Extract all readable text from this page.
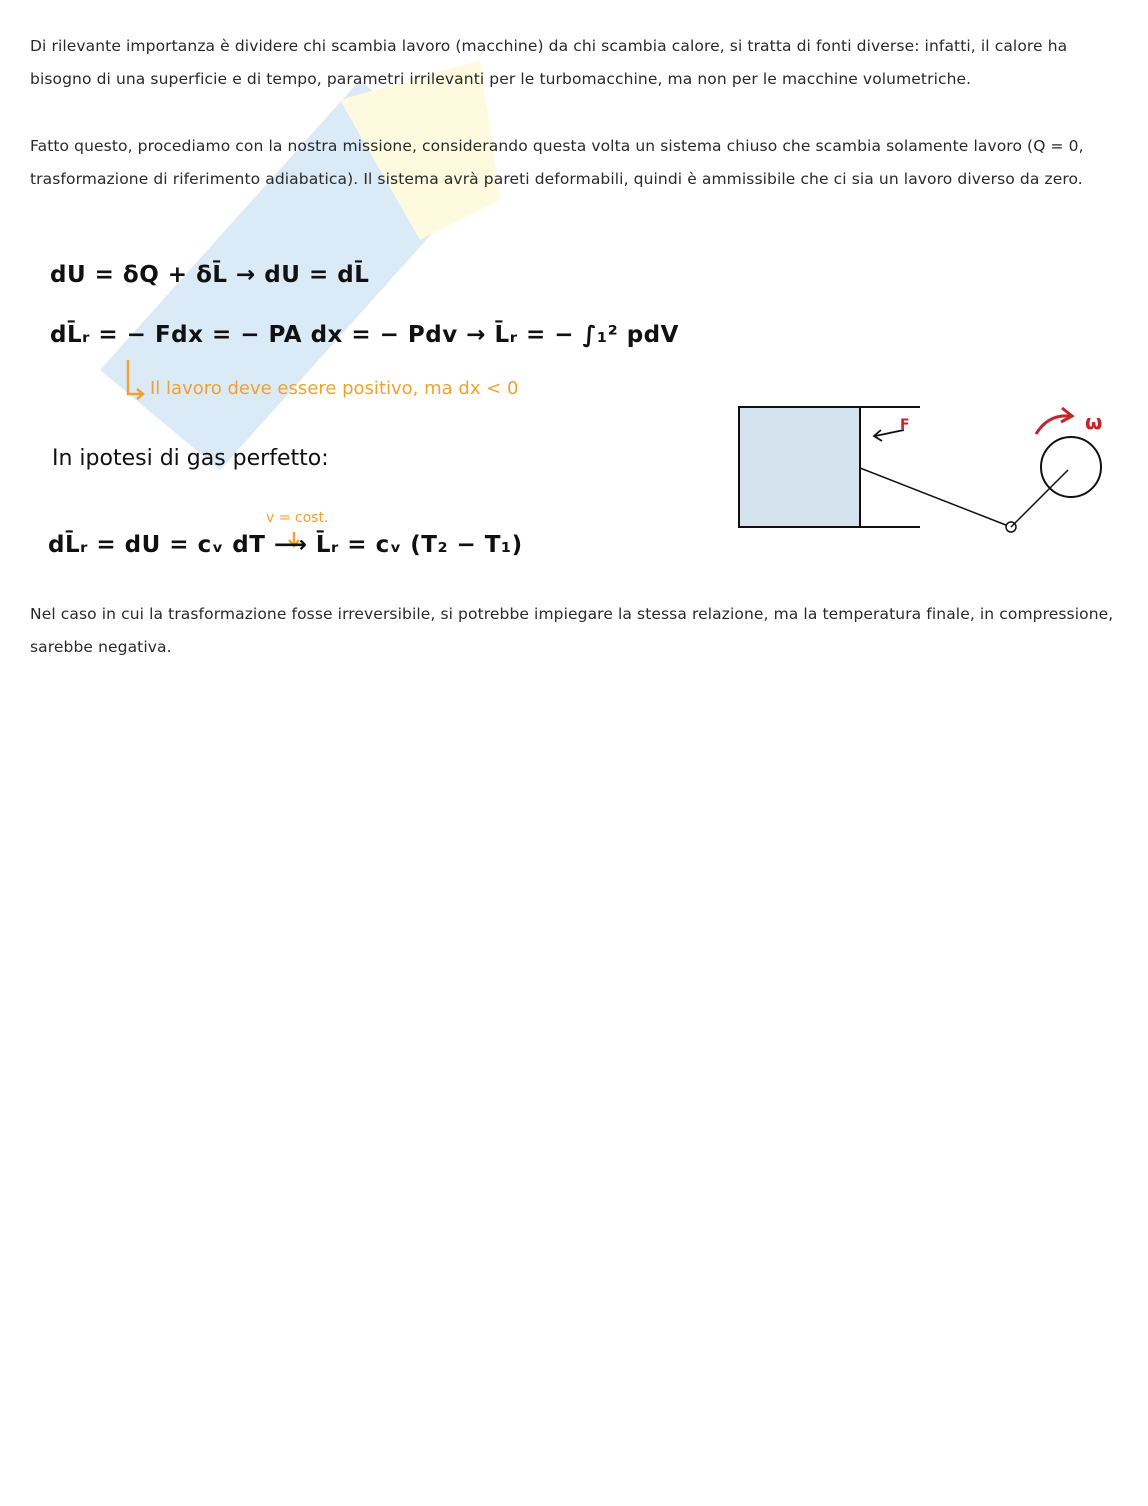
Di rilevante importanza è dividere chi scambia lavoro (macchine) da chi scambia calore, si tratta di fonti diverse: infatti, il calore ha bisogno di una superficie e di tempo, parametri irrilevanti per le turbomacchine, ma non per le macchine volumetriche.
Fatto questo, procediamo con la nostra missione, considerando questa volta un sistema chiuso che scambia solamente lavoro (Q = 0, trasformazione di riferimento adiabatica). Il sistema avrà pareti deformabili, quindi è ammissibile che ci sia un lavoro diverso da zero.
dU = δQ + δL̄ → dU = dL̄
dL̄ᵣ = − Fdx = − PA dx = − Pdv → L̄ᵣ = − ∫₁² pdV
Il lavoro deve essere positivo, ma dx < 0
In ipotesi di gas perfetto:
v = cost.
dL̄ᵣ = dU = cᵥ dT ⟶ L̄ᵣ = cᵥ (T₂ − T₁)
F	ω
Nel caso in cui la trasformazione fosse irreversibile, si potrebbe impiegare la stessa relazione, ma la temperatura finale, in compressione, sarebbe negativa.
